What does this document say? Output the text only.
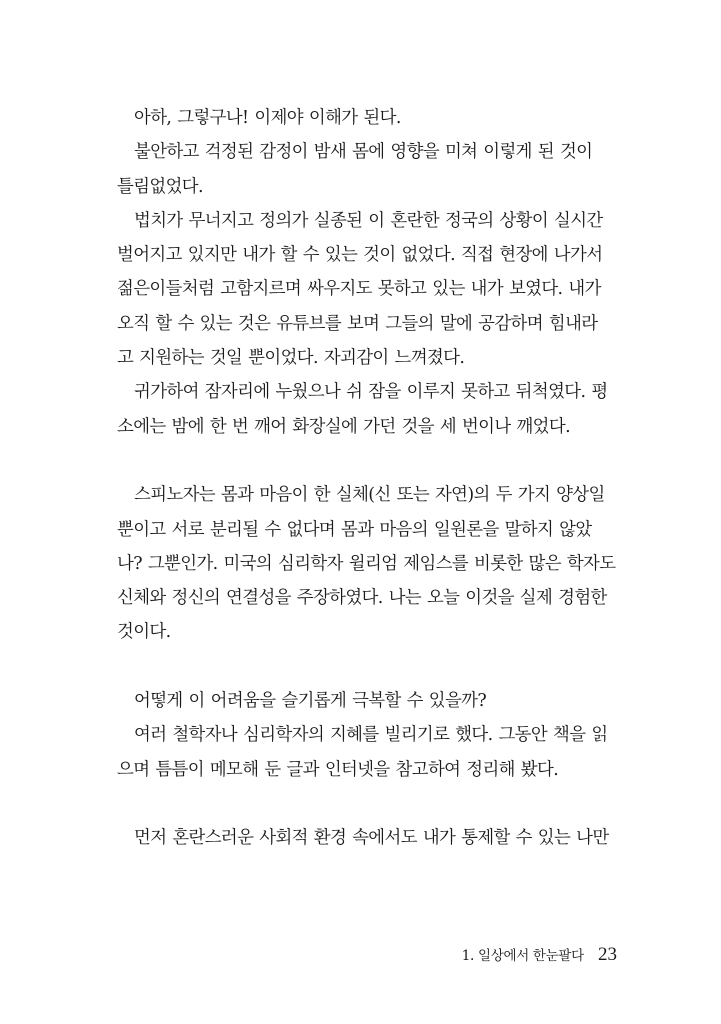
아하, 그렇구나! 이제야 이해가 된다.
불안하고 걱정된 감정이 밤새 몸에 영향을 미쳐 이렇게 된 것이
틀림없었다.
법치가 무너지고 정의가 실종된 이 혼란한 정국의 상황이 실시간
벌어지고 있지만 내가 할 수 있는 것이 없었다. 직접 현장에 나가서
젊은이들처럼 고함지르며 싸우지도 못하고 있는 내가 보였다. 내가
오직 할 수 있는 것은 유튜브를 보며 그들의 말에 공감하며 힘내라
고 지원하는 것일 뿐이었다. 자괴감이 느껴졌다.
귀가하여 잠자리에 누웠으나 쉬 잠을 이루지 못하고 뒤척였다. 평
소에는 밤에 한 번 깨어 화장실에 가던 것을 세 번이나 깨었다.
스피노자는 몸과 마음이 한 실체(신 또는 자연)의 두 가지 양상일
뿐이고 서로 분리될 수 없다며 몸과 마음의 일원론을 말하지 않았
나? 그뿐인가. 미국의 심리학자 윌리엄 제임스를 비롯한 많은 학자도
신체와 정신의 연결성을 주장하였다. 나는 오늘 이것을 실제 경험한
것이다.
어떻게 이 어려움을 슬기롭게 극복할 수 있을까?
여러 철학자나 심리학자의 지혜를 빌리기로 했다. 그동안 책을 읽
으며 틈틈이 메모해 둔 글과 인터넷을 참고하여 정리해 봤다.
먼저 혼란스러운 사회적 환경 속에서도 내가 통제할 수 있는 나만
1. 일상에서 한눈팔다 23
